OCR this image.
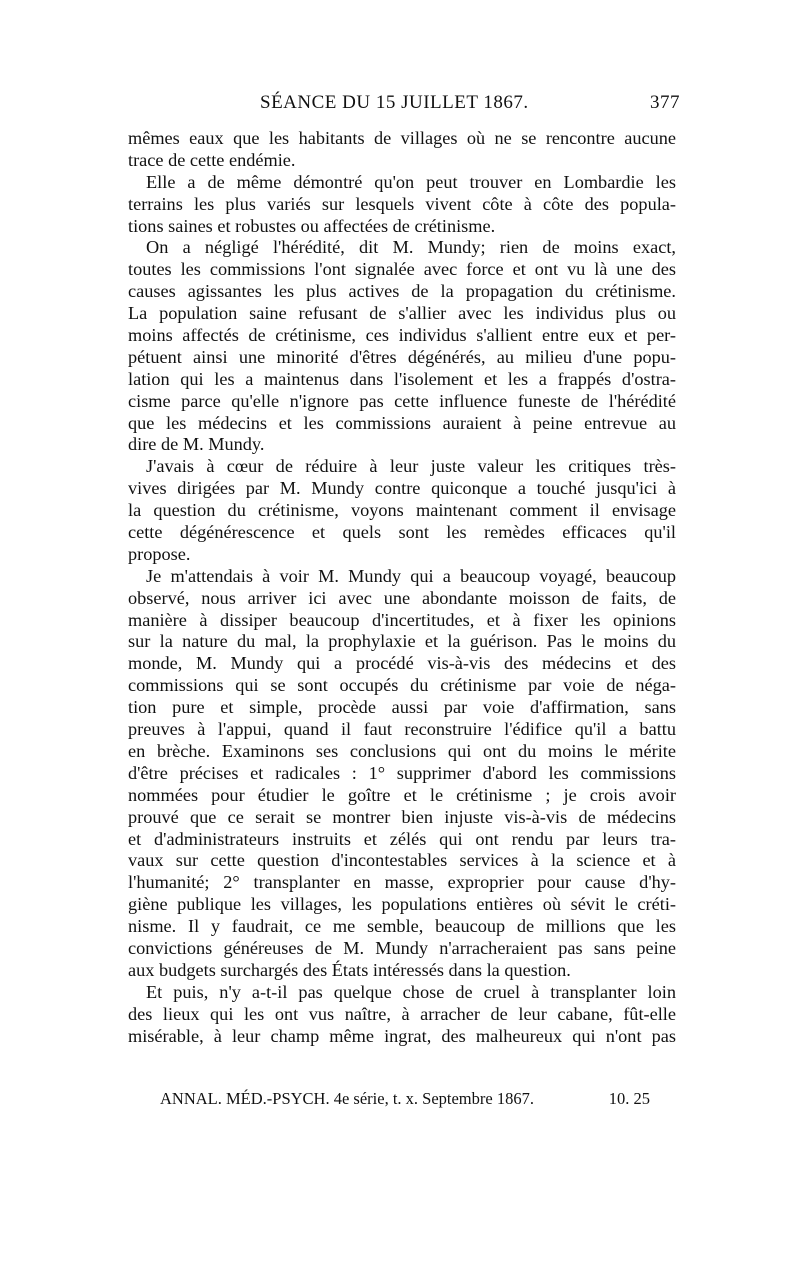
SÉANCE DU 15 JUILLET 1867.	377
mêmes eaux que les habitants de villages où ne se rencontre aucune
trace de cette endémie.
Elle a de même démontré qu'on peut trouver en Lombardie les
terrains les plus variés sur lesquels vivent côte à côte des popula-
tions saines et robustes ou affectées de crétinisme.
On a négligé l'hérédité, dit M. Mundy; rien de moins exact,
toutes les commissions l'ont signalée avec force et ont vu là une des
causes agissantes les plus actives de la propagation du crétinisme.
La population saine refusant de s'allier avec les individus plus ou
moins affectés de crétinisme, ces individus s'allient entre eux et per-
pétuent ainsi une minorité d'êtres dégénérés, au milieu d'une popu-
lation qui les a maintenus dans l'isolement et les a frappés d'ostra-
cisme parce qu'elle n'ignore pas cette influence funeste de l'hérédité
que les médecins et les commissions auraient à peine entrevue au
dire de M. Mundy.
J'avais à cœur de réduire à leur juste valeur les critiques très-
vives dirigées par M. Mundy contre quiconque a touché jusqu'ici à
la question du crétinisme, voyons maintenant comment il envisage
cette dégénérescence et quels sont les remèdes efficaces qu'il
propose.
Je m'attendais à voir M. Mundy qui a beaucoup voyagé, beaucoup
observé, nous arriver ici avec une abondante moisson de faits, de
manière à dissiper beaucoup d'incertitudes, et à fixer les opinions
sur la nature du mal, la prophylaxie et la guérison. Pas le moins du
monde, M. Mundy qui a procédé vis-à-vis des médecins et des
commissions qui se sont occupés du crétinisme par voie de néga-
tion pure et simple, procède aussi par voie d'affirmation, sans
preuves à l'appui, quand il faut reconstruire l'édifice qu'il a battu
en brèche. Examinons ses conclusions qui ont du moins le mérite
d'être précises et radicales : 1° supprimer d'abord les commissions
nommées pour étudier le goître et le crétinisme ; je crois avoir
prouvé que ce serait se montrer bien injuste vis-à-vis de médecins
et d'administrateurs instruits et zélés qui ont rendu par leurs tra-
vaux sur cette question d'incontestables services à la science et à
l'humanité; 2° transplanter en masse, exproprier pour cause d'hy-
giène publique les villages, les populations entières où sévit le créti-
nisme. Il y faudrait, ce me semble, beaucoup de millions que les
convictions généreuses de M. Mundy n'arracheraient pas sans peine
aux budgets surchargés des États intéressés dans la question.
Et puis, n'y a-t-il pas quelque chose de cruel à transplanter loin
des lieux qui les ont vus naître, à arracher de leur cabane, fût-elle
misérable, à leur champ même ingrat, des malheureux qui n'ont pas
ANNAL. MÉD.-PSYCH. 4e série, t. x. Septembre 1867.	10. 25
